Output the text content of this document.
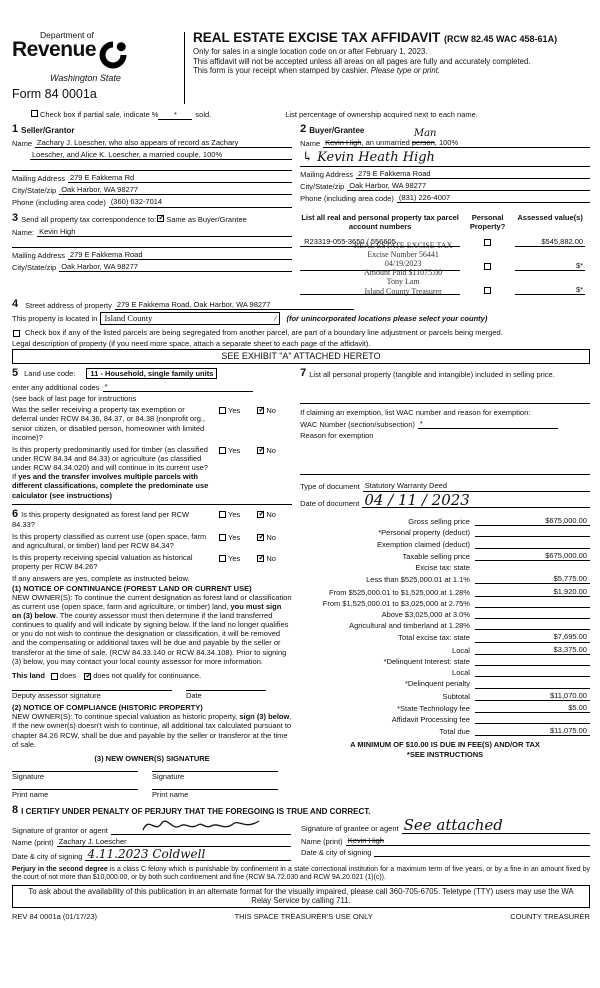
Department of
Revenue
Washington State
Form 84 0001a
REAL ESTATE EXCISE TAX AFFIDAVIT (RCW 82.45 WAC 458-61A)
Only for sales in a single location code on or after February 1, 2023.
This affidavit will not be accepted unless all areas on all pages are fully and accurately completed.
This form is your receipt when stamped by cashier. Please type or print.
Check box if partial sale, indicate %	*	sold.	List percentage of ownership acquired next to each name.
1 Seller/Grantor
Name Zachary J. Loescher, who also appears of record as Zachary
Loescher, and Alice K. Loescher, a married couple, 100%
Mailing Address 279 E Fakkema Rd
City/State/zip Oak Harbor, WA 98277
Phone (including area code) (360) 632-7014
2 Buyer/Grantee
Name Kevin High, an unmarried
Man
person, 100%
↳ Kevin Heath High
Mailing Address 279 E Fakkema Road
City/State/zip Oak Harbor, WA 98277
Phone (including area code) (831) 226-4007
3 Send all property tax correspondence to: ✓ Same as Buyer/Grantee
Name: Kevin High
Mailing Address 279 E Fakkema Road
City/State/zip Oak Harbor, WA 98277
List all real and personal property tax parcel account numbers
Personal Property?
Assessed value(s)
R23319-055-3650 / 556605	$545,882.00
$*
$*
REAL ESTATE EXCISE TAX
Excise Number 56441
04/19/2023
Amount Paid $11075.00
Tony Lam
Island County Treasurer
4 Street address of property 279 E Fakkema Road, Oak Harbor, WA 98277
This property is located in Island County	/	(for unincorporated locations please select your county)
Check box if any of the listed parcels are being segregated from another parcel, are part of a boundary line adjustment or parcels being merged.
Legal description of property (if you need more space, attach a separate sheet to each page of the affidavit).
SEE EXHIBIT "A" ATTACHED HERETO
5 Land use code:	11 - Household, single family units
enter any additional codes *
(see back of last page for instructions
Was the seller receiving a property tax exemption or deferral under RCW 84.36, 84.37, or 84.38 (nonprofit org., senior citizen, or disabled person, homeowner with limited income)?
Yes ✓	No
Is this property predominantly used for timber (as classified under RCW 84.34 and 84.33) or agriculture (as classified under RCW 84.34.020) and will continue in its current use? If yes and the transfer involves multiple parcels with different classifications, complete the predominate use calculator (see instructions)
Yes ✓	No
6 Is this property designated as forest land per RCW 84.33?
Yes ✓	No
Is this property classified as current use (open space, farm and agricultural, or timber) land per RCW 84.34?
Yes ✓	No
Is this property receiving special valuation as historical property per RCW 84.26?
Yes ✓	No
If any answers are yes, complete as instructed below.
(1) NOTICE OF CONTINUANCE (FOREST LAND OR CURRENT USE)
NEW OWNER(S): To continue the current designation as forest land or classification as current use (open space, farm and agriculture, or timber) land, you must sign on (3) below. The county assessor must then determine if the land transferred continues to qualify and will indicate by signing below. If the land no longer qualifies or you do not wish to continue the designation or classification, it will be removed and the compensating or additional taxes will be due and payable by the seller or transferor at the time of sale. (RCW 84.33.140 or RCW 84.34.108). Prior to signing (3) below, you may contact your local county assessor for more information.
This land does ✓ does not qualify for continuance.
Deputy assessor signature	Date
(2) NOTICE OF COMPLIANCE (HISTORIC PROPERTY)
NEW OWNER(S): To continue special valuation as historic property, sign (3) below. If the new owner(s) doesn't wish to continue, all additional tax calculated pursuant to chapter 84.26 RCW, shall be due and payable by the seller or transferor at the time of sale.
(3) NEW OWNER(S) SIGNATURE
Signature	Signature
Print name	Print name
7 List all personal property (tangible and intangible) included in selling price.
If claiming an exemption, list WAC number and reason for exemption:
WAC Number (section/subsection) *
Reason for exemption
Type of document Statutory Warranty Deed
Date of document 04 / 11 / 2023
Gross selling price	$675,000.00
*Personal property (deduct)
Exemption claimed (deduct)
Taxable selling price	$675,000.00
Excise tax: state
Less than $525,000.01 at 1.1%	$5,775.00
From $525,000.01 to $1,525,000 at 1.28%	$1,920.00
From $1,525,000.01 to $3,025,000 at 2.75%
Above $3,025,000 at 3.0%
Agricultural and timberland at 1.28%
Total excise tax: state	$7,695.00
Local	$3,375.00
*Delinquent Interest: state
Local
*Delinquent penalty
Subtotal	$11,070.00
*State Technology fee	$5.00
Affidavit Processing fee
Total due	$11,075.00
A MINIMUM OF $10.00 IS DUE IN FEE(S) AND/OR TAX
*SEE INSTRUCTIONS
8 I CERTIFY UNDER PENALTY OF PERJURY THAT THE FOREGOING IS TRUE AND CORRECT.
Signature of grantor or agent
Name (print) Zachary J. Loescher
Date & city of signing 4.11.2023 Coldwell
Signature of grantee or agent See attached
Name (print) Kevin High
Date & city of signing
Perjury in the second degree is a class C felony which is punishable by confinement in a state correctional institution for a maximum term of five years, or by a fine in an amount fixed by the court of not more than $10,000.00, or by both such confinement and fine (RCW 9A.72.030 and RCW 9A.20.021 (1)(c)).
To ask about the availability of this publication in an alternate format for the visually impaired, please call 360-705-6705. Teletype (TTY) users may use the WA Relay Service by calling 711.
REV 84 0001a (01/17/23)	THIS SPACE TREASURER'S USE ONLY	COUNTY TREASURER
